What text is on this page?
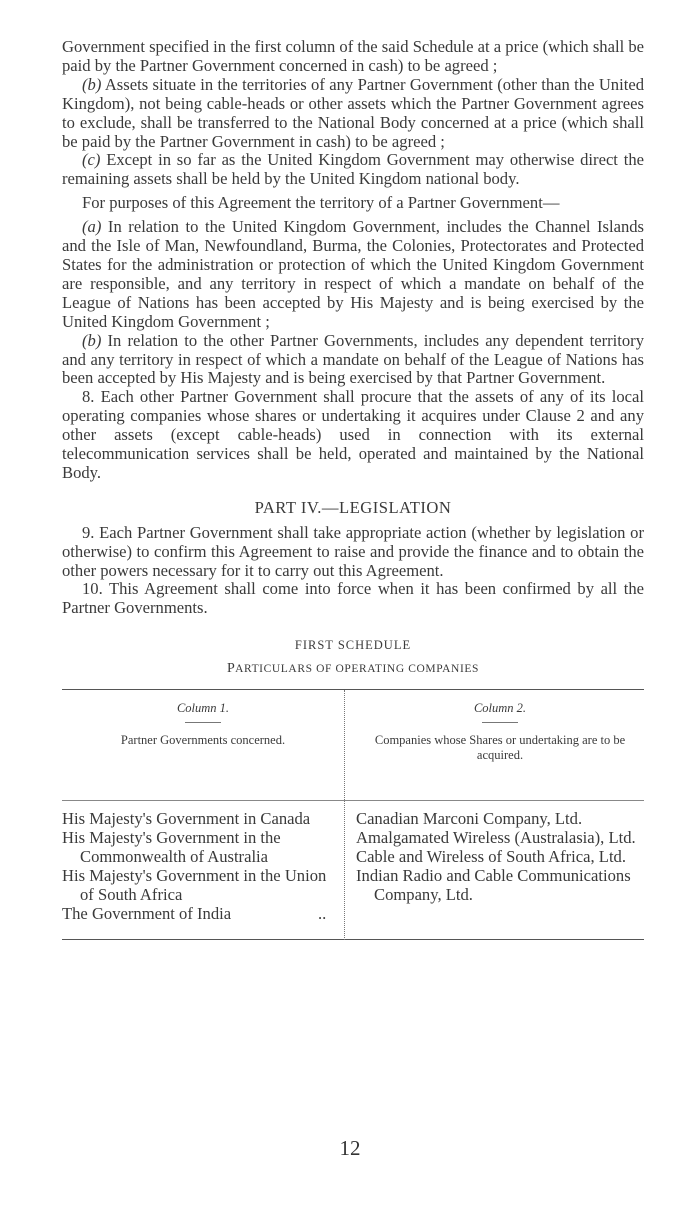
Government specified in the first column of the said Schedule at a price (which shall be paid by the Partner Government concerned in cash) to be agreed ;

(b) Assets situate in the territories of any Partner Government (other than the United Kingdom), not being cable-heads or other assets which the Partner Government agrees to exclude, shall be transferred to the National Body concerned at a price (which shall be paid by the Partner Government in cash) to be agreed ;

(c) Except in so far as the United Kingdom Government may otherwise direct the remaining assets shall be held by the United Kingdom national body.

For purposes of this Agreement the territory of a Partner Government—

(a) In relation to the United Kingdom Government, includes the Channel Islands and the Isle of Man, Newfoundland, Burma, the Colonies, Protectorates and Protected States for the administration or protection of which the United Kingdom Government are responsible, and any territory in respect of which a mandate on behalf of the League of Nations has been accepted by His Majesty and is being exercised by the United Kingdom Government ;

(b) In relation to the other Partner Governments, includes any dependent territory and any territory in respect of which a mandate on behalf of the League of Nations has been accepted by His Majesty and is being exercised by that Partner Government.

8. Each other Partner Government shall procure that the assets of any of its local operating companies whose shares or undertaking it acquires under Clause 2 and any other assets (except cable-heads) used in connection with its external telecommunication services shall be held, operated and maintained by the National Body.

PART IV.—LEGISLATION

9. Each Partner Government shall take appropriate action (whether by legislation or otherwise) to confirm this Agreement to raise and provide the finance and to obtain the other powers necessary for it to carry out this Agreement.

10. This Agreement shall come into force when it has been confirmed by all the Partner Governments.

FIRST SCHEDULE
PARTICULARS OF OPERATING COMPANIES
Column 1.
Partner Governments concerned.
Column 2.
Companies whose Shares or undertaking are to be acquired.
His Majesty's Government in Canada
His Majesty's Government in the Commonwealth of Australia
His Majesty's Government in the Union of South Africa
..
The Government of India
Canadian Marconi Company, Ltd.
Amalgamated Wireless (Australasia), Ltd.
Cable and Wireless of South Africa, Ltd.
Indian Radio and Cable Communications Company, Ltd.
12
